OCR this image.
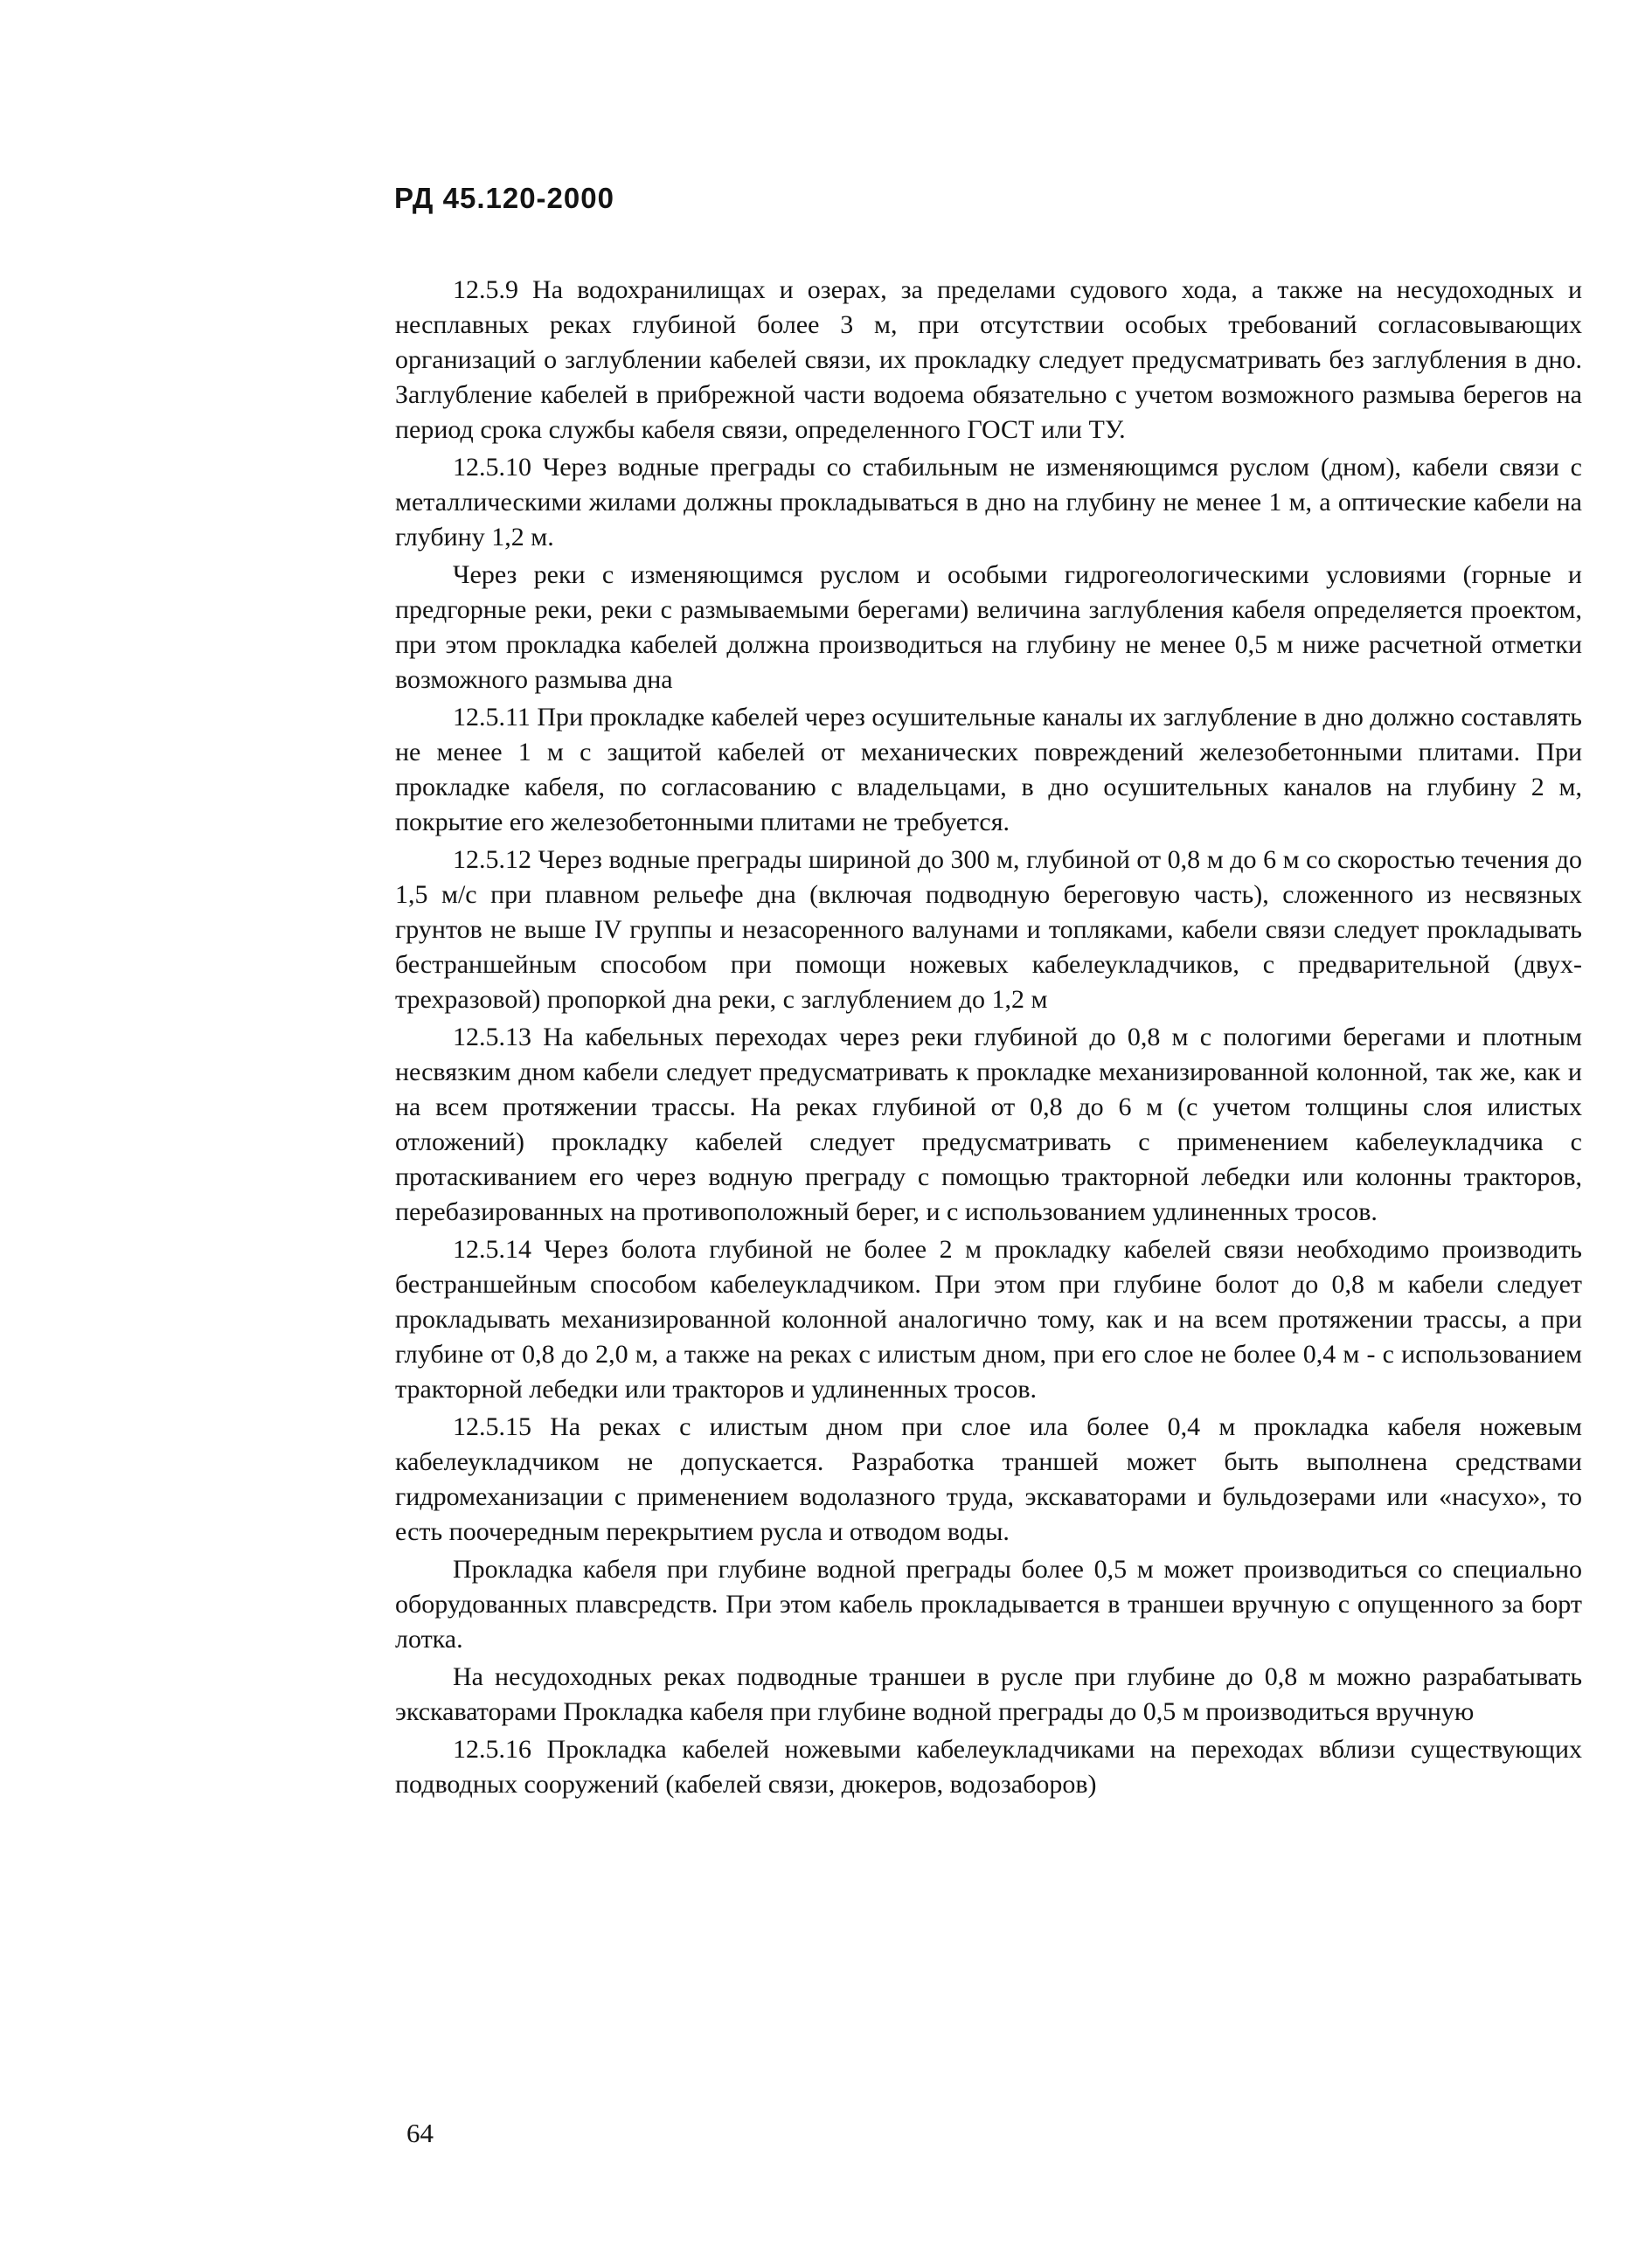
РД 45.120-2000

12.5.9 На водохранилищах и озерах, за пределами судового хода, а также на несудоходных и несплавных реках глубиной более 3 м, при отсутствии особых требований согласовывающих организаций о заглублении кабелей связи, их прокладку следует предусматривать без заглубления в дно. Заглубление кабелей в прибрежной части водоема обязательно с учетом возможного размыва берегов на период срока службы кабеля связи, определенного ГОСТ или ТУ.

12.5.10 Через водные преграды со стабильным не изменяющимся руслом (дном), кабели связи с металлическими жилами должны прокладываться в дно на глубину не менее 1 м, а оптические кабели на глубину 1,2 м.

Через реки с изменяющимся руслом и особыми гидрогеологическими условиями (горные и предгорные реки, реки с размываемыми берегами) величина заглубления кабеля определяется проектом, при этом прокладка кабелей должна производиться на глубину не менее 0,5 м ниже расчетной отметки возможного размыва дна

12.5.11 При прокладке кабелей через осушительные каналы их заглубление в дно должно составлять не менее 1 м с защитой кабелей от механических повреждений железобетонными плитами. При прокладке кабеля, по согласованию с владельцами, в дно осушительных каналов на глубину 2 м, покрытие его железобетонными плитами не требуется.

12.5.12 Через водные преграды шириной до 300 м, глубиной от 0,8 м до 6 м со скоростью течения до 1,5 м/с при плавном рельефе дна (включая подводную береговую часть), сложенного из несвязных грунтов не выше IV группы и незасоренного валунами и топляками, кабели связи следует прокладывать бестраншейным способом при помощи ножевых кабелеукладчиков, с предварительной (двух-трехразовой) пропоркой дна реки, с заглублением до 1,2 м

12.5.13 На кабельных переходах через реки глубиной до 0,8 м с пологими берегами и плотным несвязким дном кабели следует предусматривать к прокладке механизированной колонной, так же, как и на всем протяжении трассы. На реках глубиной от 0,8 до 6 м (с учетом толщины слоя илистых отложений) прокладку кабелей следует предусматривать с применением кабелеукладчика с протаскиванием его через водную преграду с помощью тракторной лебедки или колонны тракторов, перебазированных на противоположный берег, и с использованием удлиненных тросов.

12.5.14 Через болота глубиной не более 2 м прокладку кабелей связи необходимо производить бестраншейным способом кабелеукладчиком. При этом при глубине болот до 0,8 м кабели следует прокладывать механизированной колонной аналогично тому, как и на всем протяжении трассы, а при глубине от 0,8 до 2,0 м, а также на реках с илистым дном, при его слое не более 0,4 м - с использованием тракторной лебедки или тракторов и удлиненных тросов.

12.5.15 На реках с илистым дном при слое ила более 0,4 м прокладка кабеля ножевым кабелеукладчиком не допускается. Разработка траншей может быть выполнена средствами гидромеханизации с применением водолазного труда, экскаваторами и бульдозерами или «насухо», то есть поочередным перекрытием русла и отводом воды.

Прокладка кабеля при глубине водной преграды более 0,5 м может производиться со специально оборудованных плавсредств. При этом кабель прокладывается в траншеи вручную с опущенного за борт лотка.

На несудоходных реках подводные траншеи в русле при глубине до 0,8 м можно разрабатывать экскаваторами Прокладка кабеля при глубине водной преграды до 0,5 м производиться вручную

12.5.16 Прокладка кабелей ножевыми кабелеукладчиками на переходах вблизи существующих подводных сооружений (кабелей связи, дюкеров, водозаборов)

64
